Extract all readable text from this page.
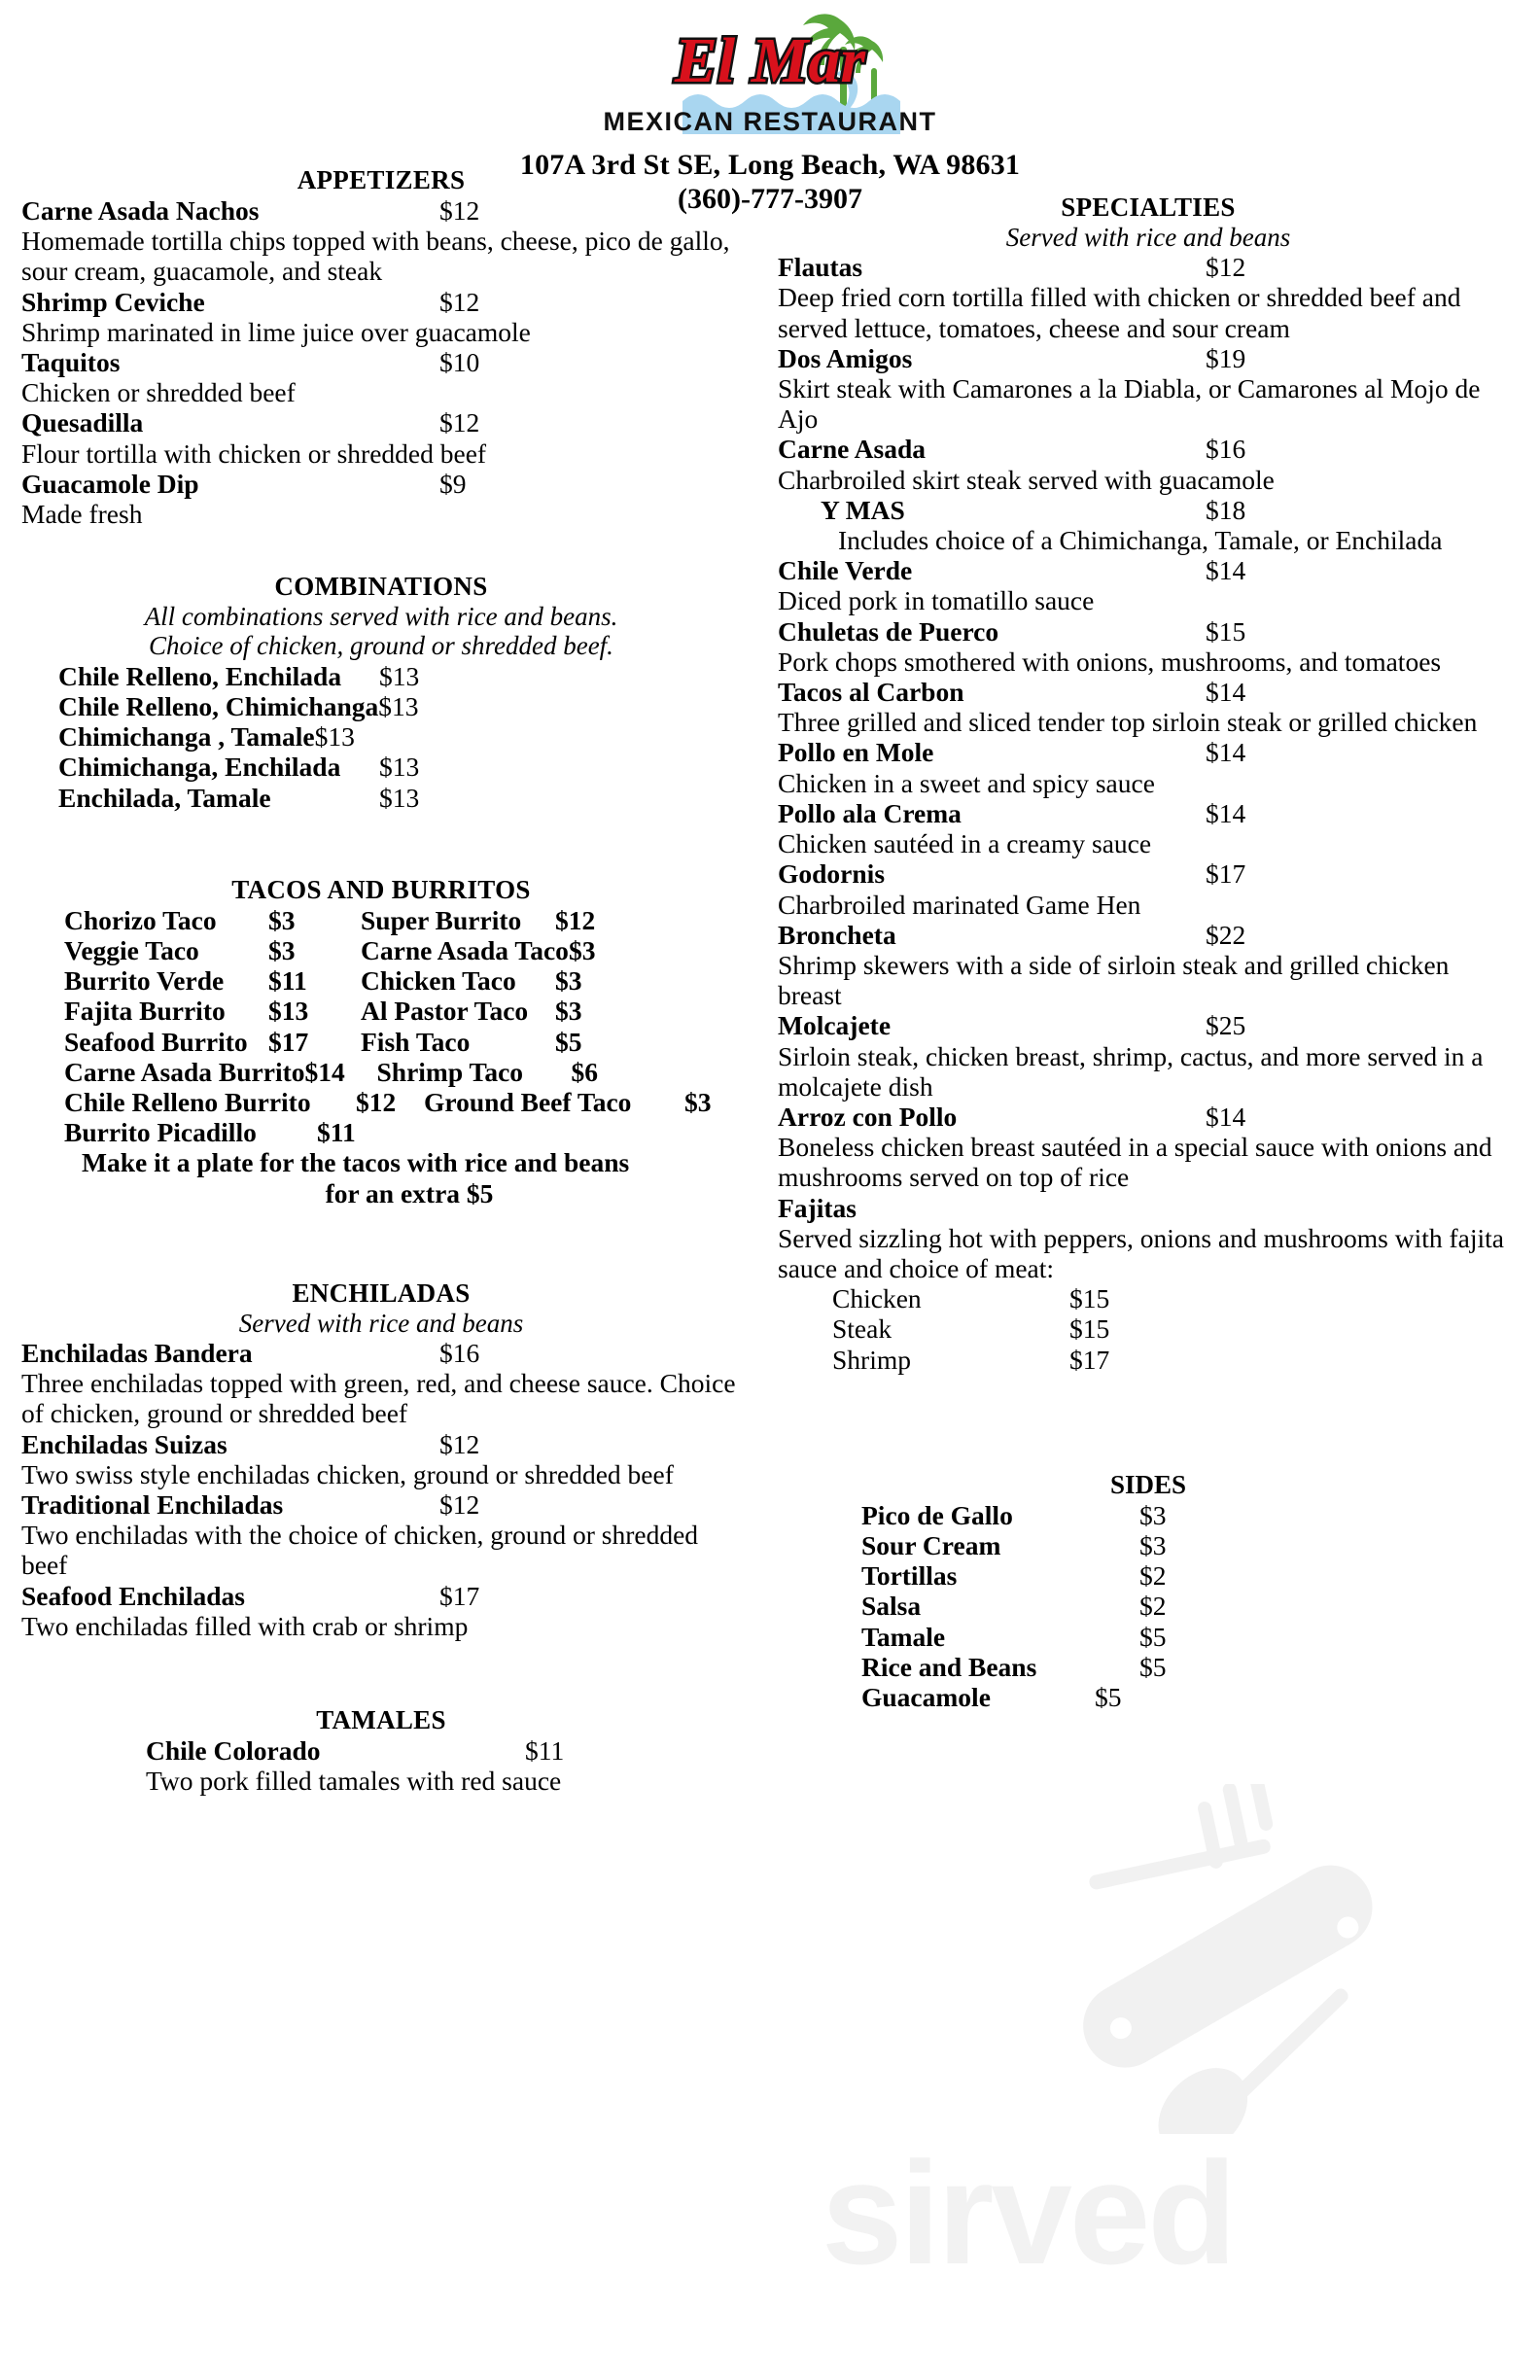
sirved
El Mar
MEXICAN RESTAURANT
107A 3rd St SE, Long Beach, WA 98631
(360)-777-3907
APPETIZERS
Carne Asada Nachos	$12
Homemade tortilla chips topped with beans, cheese, pico de gallo, sour cream, guacamole, and steak
Shrimp Ceviche	$12
Shrimp marinated in lime juice over guacamole
Taquitos	$10
Chicken or shredded beef
Quesadilla	$12
Flour tortilla with chicken or shredded beef
Guacamole Dip	$9
Made fresh
COMBINATIONS
All combinations served with rice and beans.
Choice of chicken, ground or shredded beef.
Chile Relleno, Enchilada	$13
Chile Relleno, Chimichanga $13
Chimichanga , Tamale $13
Chimichanga, Enchilada	$13
Enchilada, Tamale	$13
TACOS AND BURRITOS
Chorizo Taco	$3	Super Burrito	$12
Veggie Taco	$3	Carne Asada Taco $3
Burrito Verde	$11	Chicken Taco	$3
Fajita Burrito	$13	Al Pastor Taco	$3
Seafood Burrito $17	Fish Taco	$5
Carne Asada Burrito $14	Shrimp Taco	$6
Chile Relleno Burrito	$12	Ground Beef Taco	$3
Burrito Picadillo	$11
Make it a plate for the tacos with rice and beans
for an extra $5
ENCHILADAS
Served with rice and beans
Enchiladas Bandera	$16
Three enchiladas topped with green, red, and cheese sauce. Choice of chicken, ground or shredded beef
Enchiladas Suizas	$12
Two swiss style enchiladas chicken, ground or shredded beef
Traditional Enchiladas	$12
Two enchiladas with the choice of chicken, ground or shredded beef
Seafood Enchiladas	$17
Two enchiladas filled with crab or shrimp
TAMALES
Chile Colorado	$11
Two pork filled tamales with red sauce
SPECIALTIES
Served with rice and beans
Flautas	$12
Deep fried corn tortilla filled with chicken or shredded beef and served lettuce, tomatoes, cheese and sour cream
Dos Amigos	$19
Skirt steak with Camarones a la Diabla, or Camarones al Mojo de Ajo
Carne Asada	$16
Charbroiled skirt steak served with guacamole
Y MAS	$18
Includes choice of a Chimichanga, Tamale, or Enchilada
Chile Verde	$14
Diced pork in tomatillo sauce
Chuletas de Puerco	$15
Pork chops smothered with onions, mushrooms, and tomatoes
Tacos al Carbon	$14
Three grilled and sliced tender top sirloin steak or grilled chicken
Pollo en Mole	$14
Chicken in a sweet and spicy sauce
Pollo ala Crema	$14
Chicken sautéed in a creamy sauce
Godornis	$17
Charbroiled marinated Game Hen
Broncheta	$22
Shrimp skewers with a side of sirloin steak and grilled chicken breast
Molcajete	$25
Sirloin steak, chicken breast, shrimp, cactus, and more served in a molcajete dish
Arroz con Pollo	$14
Boneless chicken breast sautéed in a special sauce with onions and mushrooms served on top of rice
Fajitas
Served sizzling hot with peppers, onions and mushrooms with fajita sauce and choice of meat:
Chicken	$15
Steak	$15
Shrimp	$17
SIDES
Pico de Gallo	$3
Sour Cream	$3
Tortillas	$2
Salsa	$2
Tamale	$5
Rice and Beans	$5
Guacamole	$5
